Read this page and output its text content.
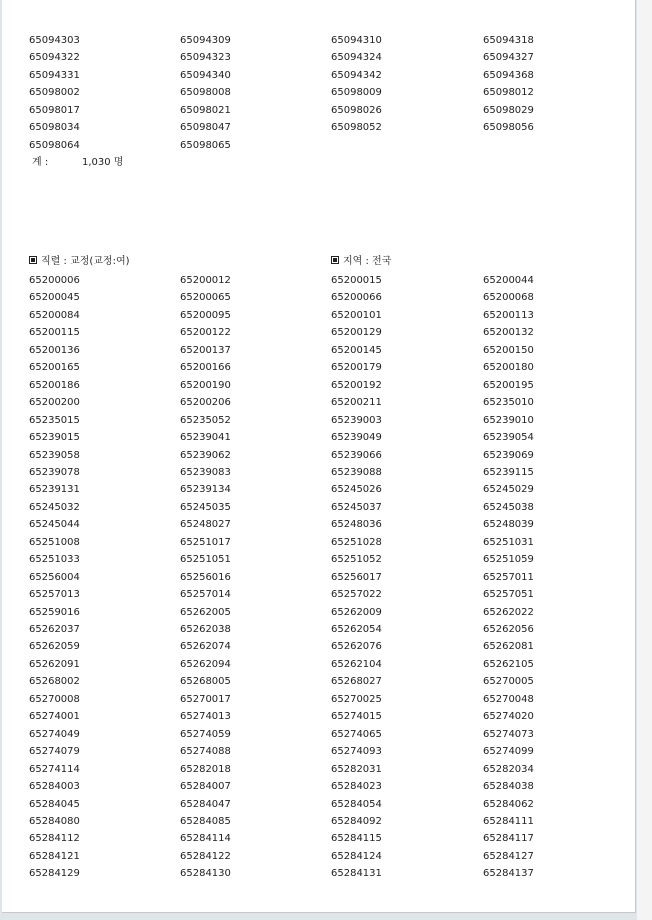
65094303	65094309	65094310	65094318
65094322	65094323	65094324	65094327
65094331	65094340	65094342	65094368
65098002	65098008	65098009	65098012
65098017	65098021	65098026	65098029
65098034	65098047	65098052	65098056
65098064	65098065
계 :	1,030 명
직렬 : 교정(교정:여)	지역 : 전국
65200006	65200012	65200015	65200044
65200045	65200065	65200066	65200068
65200084	65200095	65200101	65200113
65200115	65200122	65200129	65200132
65200136	65200137	65200145	65200150
65200165	65200166	65200179	65200180
65200186	65200190	65200192	65200195
65200200	65200206	65200211	65235010
65235015	65235052	65239003	65239010
65239015	65239041	65239049	65239054
65239058	65239062	65239066	65239069
65239078	65239083	65239088	65239115
65239131	65239134	65245026	65245029
65245032	65245035	65245037	65245038
65245044	65248027	65248036	65248039
65251008	65251017	65251028	65251031
65251033	65251051	65251052	65251059
65256004	65256016	65256017	65257011
65257013	65257014	65257022	65257051
65259016	65262005	65262009	65262022
65262037	65262038	65262054	65262056
65262059	65262074	65262076	65262081
65262091	65262094	65262104	65262105
65268002	65268005	65268027	65270005
65270008	65270017	65270025	65270048
65274001	65274013	65274015	65274020
65274049	65274059	65274065	65274073
65274079	65274088	65274093	65274099
65274114	65282018	65282031	65282034
65284003	65284007	65284023	65284038
65284045	65284047	65284054	65284062
65284080	65284085	65284092	65284111
65284112	65284114	65284115	65284117
65284121	65284122	65284124	65284127
65284129	65284130	65284131	65284137
